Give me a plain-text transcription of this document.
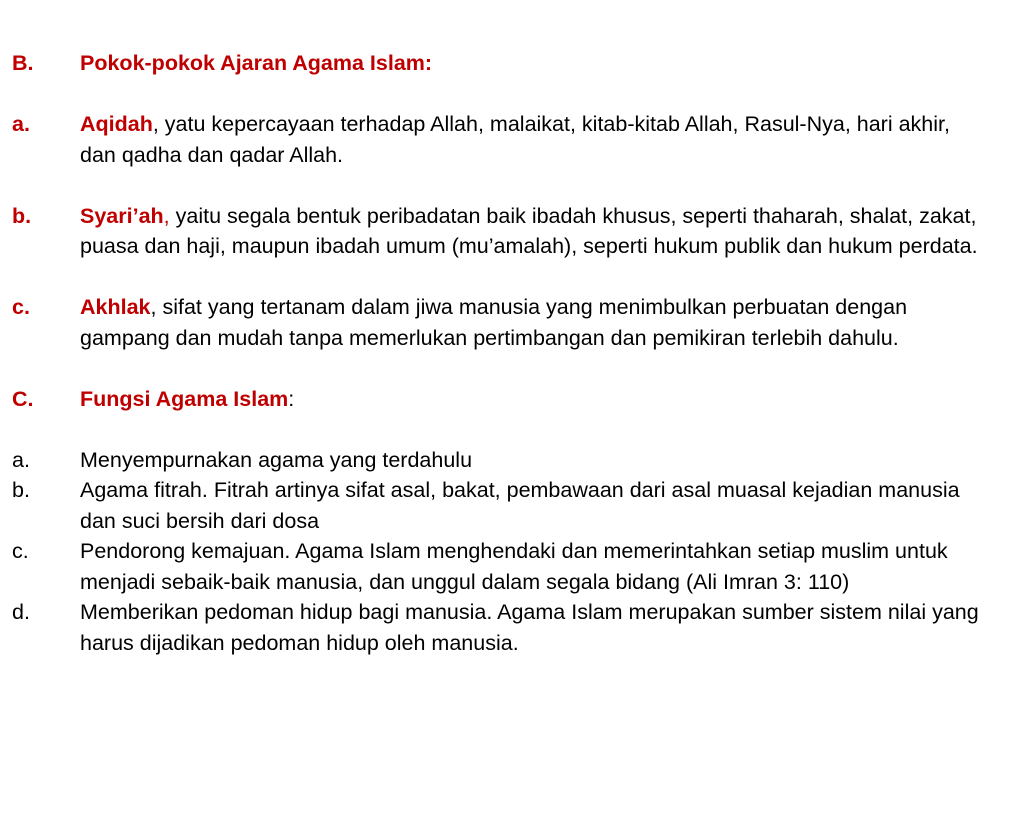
B. Pokok-pokok Ajaran Agama Islam:
a. Aqidah, yatu kepercayaan terhadap Allah, malaikat, kitab-kitab Allah, Rasul-Nya, hari akhir, dan qadha dan qadar Allah.
b. Syari’ah, yaitu segala bentuk peribadatan baik ibadah khusus, seperti thaharah, shalat, zakat, puasa dan haji, maupun ibadah umum (mu’amalah), seperti hukum publik dan hukum perdata.
c. Akhlak, sifat yang tertanam dalam jiwa manusia yang menimbulkan perbuatan dengan gampang dan mudah tanpa memerlukan pertimbangan dan pemikiran terlebih dahulu.
C. Fungsi Agama Islam:
a. Menyempurnakan agama yang terdahulu
b. Agama fitrah. Fitrah artinya sifat asal, bakat, pembawaan dari asal muasal kejadian manusia dan suci bersih dari dosa
c. Pendorong kemajuan. Agama Islam menghendaki dan memerintahkan setiap muslim untuk menjadi sebaik-baik manusia, dan unggul dalam segala bidang (Ali Imran 3: 110)
d. Memberikan pedoman hidup bagi manusia. Agama Islam merupakan sumber sistem nilai yang harus dijadikan pedoman hidup oleh manusia.
